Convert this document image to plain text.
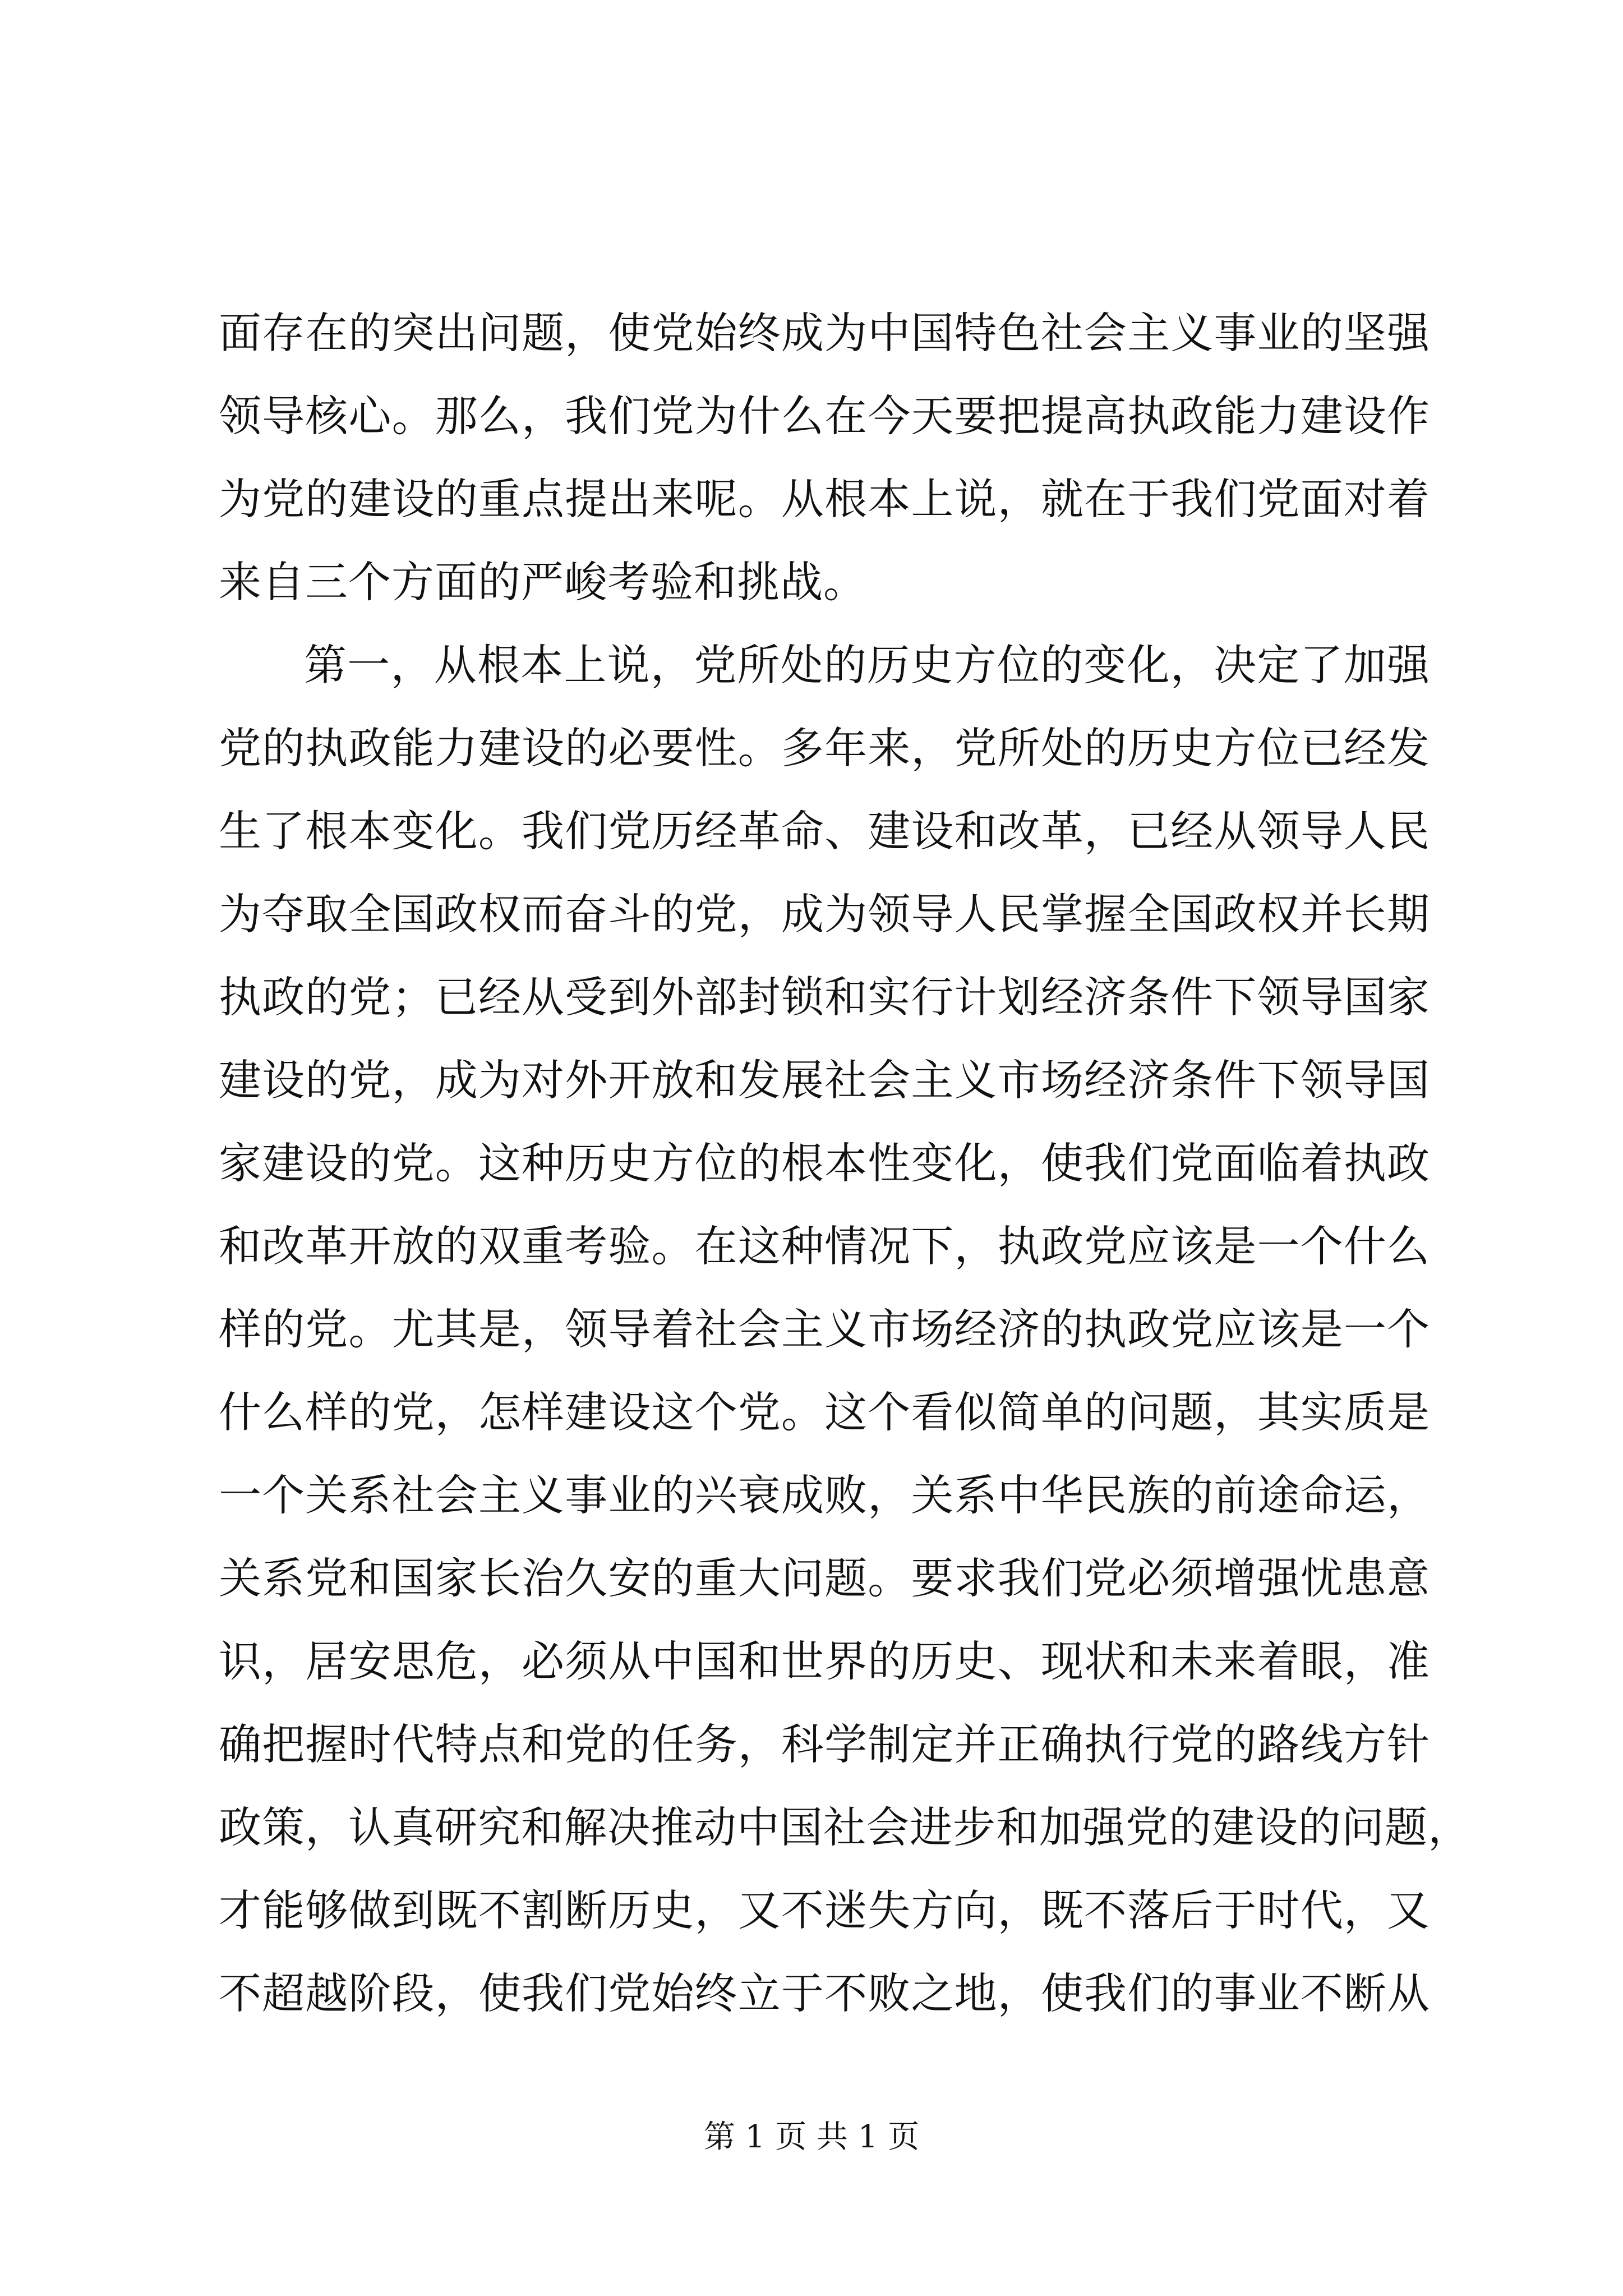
面存在的突出问题，使党始终成为中国特色社会主义事业的坚强
领导核心。那么，我们党为什么在今天要把提高执政能力建设作
为党的建设的重点提出来呢。从根本上说，就在于我们党面对着
来自三个方面的严峻考验和挑战。
第一，从根本上说，党所处的历史方位的变化，决定了加强
党的执政能力建设的必要性。多年来，党所处的历史方位已经发
生了根本变化。我们党历经革命、建设和改革，已经从领导人民
为夺取全国政权而奋斗的党，成为领导人民掌握全国政权并长期
执政的党；已经从受到外部封锁和实行计划经济条件下领导国家
建设的党，成为对外开放和发展社会主义市场经济条件下领导国
家建设的党。这种历史方位的根本性变化，使我们党面临着执政
和改革开放的双重考验。在这种情况下，执政党应该是一个什么
样的党。尤其是，领导着社会主义市场经济的执政党应该是一个
什么样的党，怎样建设这个党。这个看似简单的问题，其实质是
一个关系社会主义事业的兴衰成败，关系中华民族的前途命运，
关系党和国家长治久安的重大问题。要求我们党必须增强忧患意
识，居安思危，必须从中国和世界的历史、现状和未来着眼，准
确把握时代特点和党的任务，科学制定并正确执行党的路线方针
政策，认真研究和解决推动中国社会进步和加强党的建设的问题，
才能够做到既不割断历史，又不迷失方向，既不落后于时代，又
不超越阶段，使我们党始终立于不败之地，使我们的事业不断从
第 1 页 共 1 页
